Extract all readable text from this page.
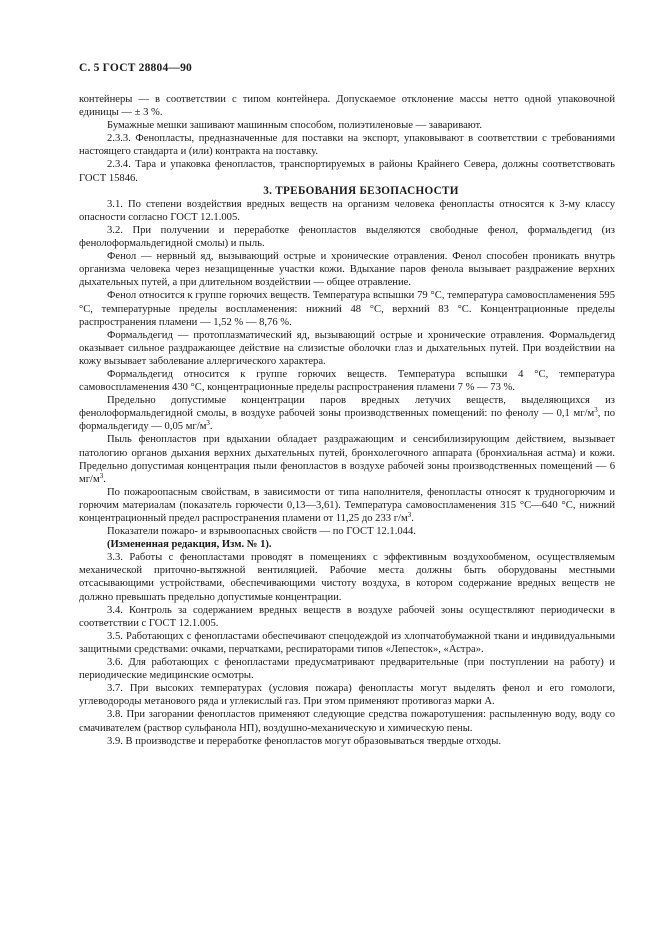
С. 5 ГОСТ 28804—90

контейнеры — в соответствии с типом контейнера. Допускаемое отклонение массы нетто одной упаковочной единицы — ± 3 %.

Бумажные мешки зашивают машинным способом, полиэтиленовые — заваривают.

2.3.3. Фенопласты, предназначенные для поставки на экспорт, упаковывают в соответствии с требованиями настоящего стандарта и (или) контракта на поставку.

2.3.4. Тара и упаковка фенопластов, транспортируемых в районы Крайнего Севера, должны соответствовать ГОСТ 15846.

3. ТРЕБОВАНИЯ БЕЗОПАСНОСТИ

3.1. По степени воздействия вредных веществ на организм человека фенопласты относятся к 3-му классу опасности согласно ГОСТ 12.1.005.

3.2. При получении и переработке фенопластов выделяются свободные фенол, формальдегид (из фенолоформальдегидной смолы) и пыль.

Фенол — нервный яд, вызывающий острые и хронические отравления. Фенол способен проникать внутрь организма человека через незащищенные участки кожи. Вдыхание паров фенола вызывает раздражение верхних дыхательных путей, а при длительном воздействии — общее отравление.

Фенол относится к группе горючих веществ. Температура вспышки 79 °С, температура самовоспламенения 595 °С, температурные пределы воспламенения: нижний 48 °С, верхний 83 °С. Концентрационные пределы распространения пламени — 1,52 % — 8,76 %.

Формальдегид — протоплазматический яд, вызывающий острые и хронические отравления. Формальдегид оказывает сильное раздражающее действие на слизистые оболочки глаз и дыхательных путей. При воздействии на кожу вызывает заболевание аллергического характера.

Формальдегид относится к группе горючих веществ. Температура вспышки 4 °С, температура самовоспламенения 430 °С, концентрационные пределы распространения пламени 7 % — 73 %.

Предельно допустимые концентрации паров вредных летучих веществ, выделяющихся из фенолоформальдегидной смолы, в воздухе рабочей зоны производственных помещений: по фенолу — 0,1 $мг/м^3$, по формальдегиду — 0,05 $мг/м^3$.

Пыль фенопластов при вдыхании обладает раздражающим и сенсибилизирующим действием, вызывает патологию органов дыхания верхних дыхательных путей, бронхолегочного аппарата (бронхиальная астма) и кожи. Предельно допустимая концентрация пыли фенопластов в воздухе рабочей зоны производственных помещений — 6 $мг/м^3$.

По пожароопасным свойствам, в зависимости от типа наполнителя, фенопласты относят к трудногорючим и горючим материалам (показатель горючести 0,13—3,61). Температура самовоспламенения 315 °С—640 °С, нижний концентрационный предел распространения пламени от 11,25 до 233 $г/м^3$.

Показатели пожаро- и взрывоопасных свойств — по ГОСТ 12.1.044.

(Измененная редакция, Изм. № 1).

3.3. Работы с фенопластами проводят в помещениях с эффективным воздухообменом, осуществляемым механической приточно-вытяжной вентиляцией. Рабочие места должны быть оборудованы местными отсасывающими устройствами, обеспечивающими чистоту воздуха, в котором содержание вредных веществ не должно превышать предельно допустимые концентрации.

3.4. Контроль за содержанием вредных веществ в воздухе рабочей зоны осуществляют периодически в соответствии с ГОСТ 12.1.005.

3.5. Работающих с фенопластами обеспечивают спецодеждой из хлопчатобумажной ткани и индивидуальными защитными средствами: очками, перчатками, респираторами типов «Лепесток», «Астра».

3.6. Для работающих с фенопластами предусматривают предварительные (при поступлении на работу) и периодические медицинские осмотры.

3.7. При высоких температурах (условия пожара) фенопласты могут выделять фенол и его гомологи, углеводороды метанового ряда и углекислый газ. При этом применяют противогаз марки А.

3.8. При загорании фенопластов применяют следующие средства пожаротушения: распыленную воду, воду со смачивателем (раствор сульфанола НП), воздушно-механическую и химическую пены.

3.9. В производстве и переработке фенопластов могут образовываться твердые отходы.
